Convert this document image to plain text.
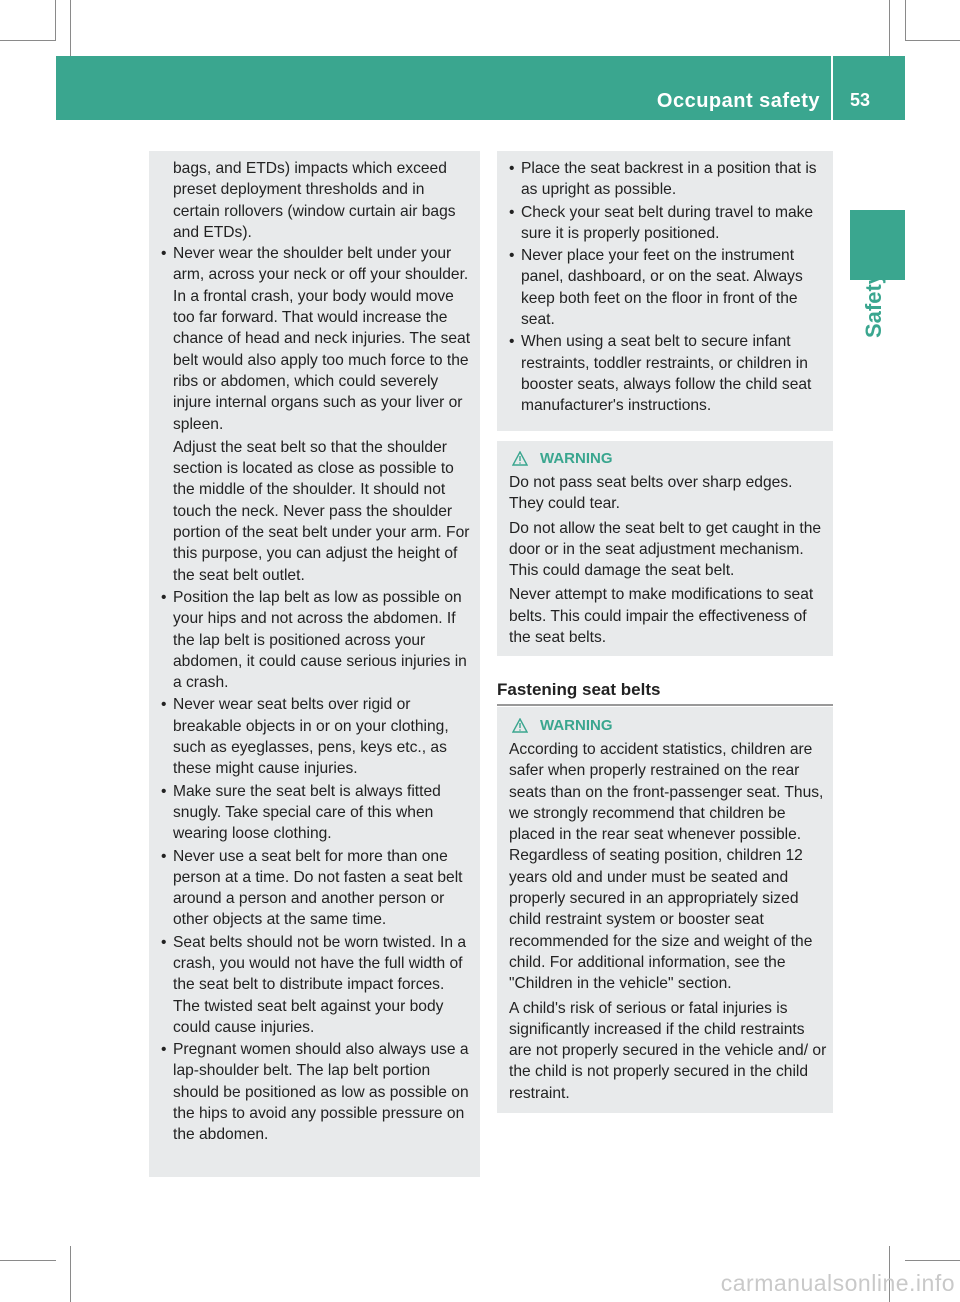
Occupant safety 53
Safety

bags, and ETDs) impacts which exceed preset deployment thresholds and in certain rollovers (window curtain air bags and ETDs).

• Never wear the shoulder belt under your arm, across your neck or off your shoulder. In a frontal crash, your body would move too far forward. That would increase the chance of head and neck injuries. The seat belt would also apply too much force to the ribs or abdomen, which could severely injure internal organs such as your liver or spleen.

Adjust the seat belt so that the shoulder section is located as close as possible to the middle of the shoulder. It should not touch the neck. Never pass the shoulder portion of the seat belt under your arm. For this purpose, you can adjust the height of the seat belt outlet.

• Position the lap belt as low as possible on your hips and not across the abdomen. If the lap belt is positioned across your abdomen, it could cause serious injuries in a crash.

• Never wear seat belts over rigid or breakable objects in or on your clothing, such as eyeglasses, pens, keys etc., as these might cause injuries.

• Make sure the seat belt is always fitted snugly. Take special care of this when wearing loose clothing.

• Never use a seat belt for more than one person at a time. Do not fasten a seat belt around a person and another person or other objects at the same time.

• Seat belts should not be worn twisted. In a crash, you would not have the full width of the seat belt to distribute impact forces. The twisted seat belt against your body could cause injuries.

• Pregnant women should also always use a lap-shoulder belt. The lap belt portion should be positioned as low as possible on the hips to avoid any possible pressure on the abdomen.

• Place the seat backrest in a position that is as upright as possible.

• Check your seat belt during travel to make sure it is properly positioned.

• Never place your feet on the instrument panel, dashboard, or on the seat. Always keep both feet on the floor in front of the seat.

• When using a seat belt to secure infant restraints, toddler restraints, or children in booster seats, always follow the child seat manufacturer's instructions.

WARNING

Do not pass seat belts over sharp edges. They could tear.

Do not allow the seat belt to get caught in the door or in the seat adjustment mechanism. This could damage the seat belt.

Never attempt to make modifications to seat belts. This could impair the effectiveness of the seat belts.

Fastening seat belts
WARNING

According to accident statistics, children are safer when properly restrained on the rear seats than on the front-passenger seat. Thus, we strongly recommend that children be placed in the rear seat whenever possible. Regardless of seating position, children 12 years old and under must be seated and properly secured in an appropriately sized child restraint system or booster seat recommended for the size and weight of the child. For additional information, see the "Children in the vehicle" section.

A child's risk of serious or fatal injuries is significantly increased if the child restraints are not properly secured in the vehicle and/ or the child is not properly secured in the child restraint.

carmanualsonline.info
